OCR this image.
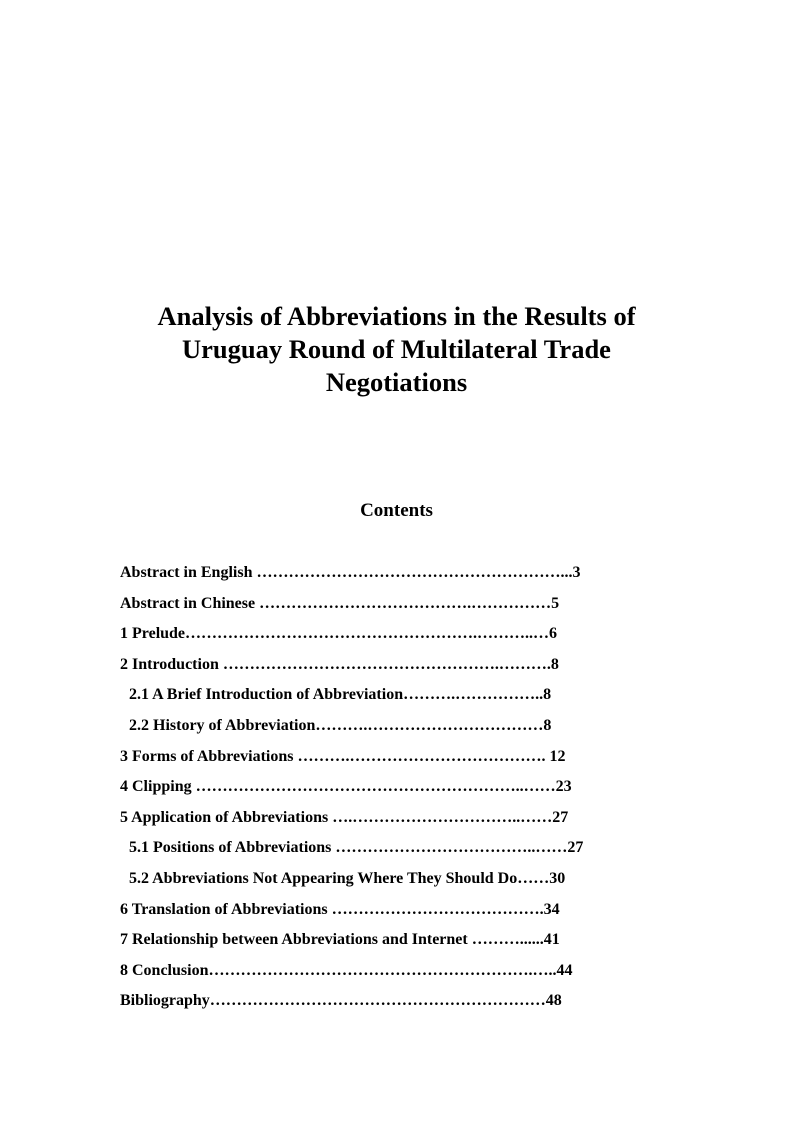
Analysis of Abbreviations in the Results of
Uruguay Round of Multilateral Trade
Negotiations
Contents
Abstract in English …………………………………………………...3
Abstract in Chinese ………………………………….……………5
1 Prelude……………………………………………….………..…6
2 Introduction …………………………………………….……….8
2.1 A Brief Introduction of Abbreviation……….……………..8
2.2 History of Abbreviation……….……………………………8
3 Forms of Abbreviations ……….………………………………. 12
4 Clipping ……………………………………………………..……23
5 Application of Abbreviations ….…………………………..……27
5.1 Positions of Abbreviations ………………………………..……27
5.2 Abbreviations Not Appearing Where They Should Do……30
6 Translation of Abbreviations ………………………………….34
7 Relationship between Abbreviations and Internet ………......41
8 Conclusion…………………………………………………….…..44
Bibliography………………………………………………………48
